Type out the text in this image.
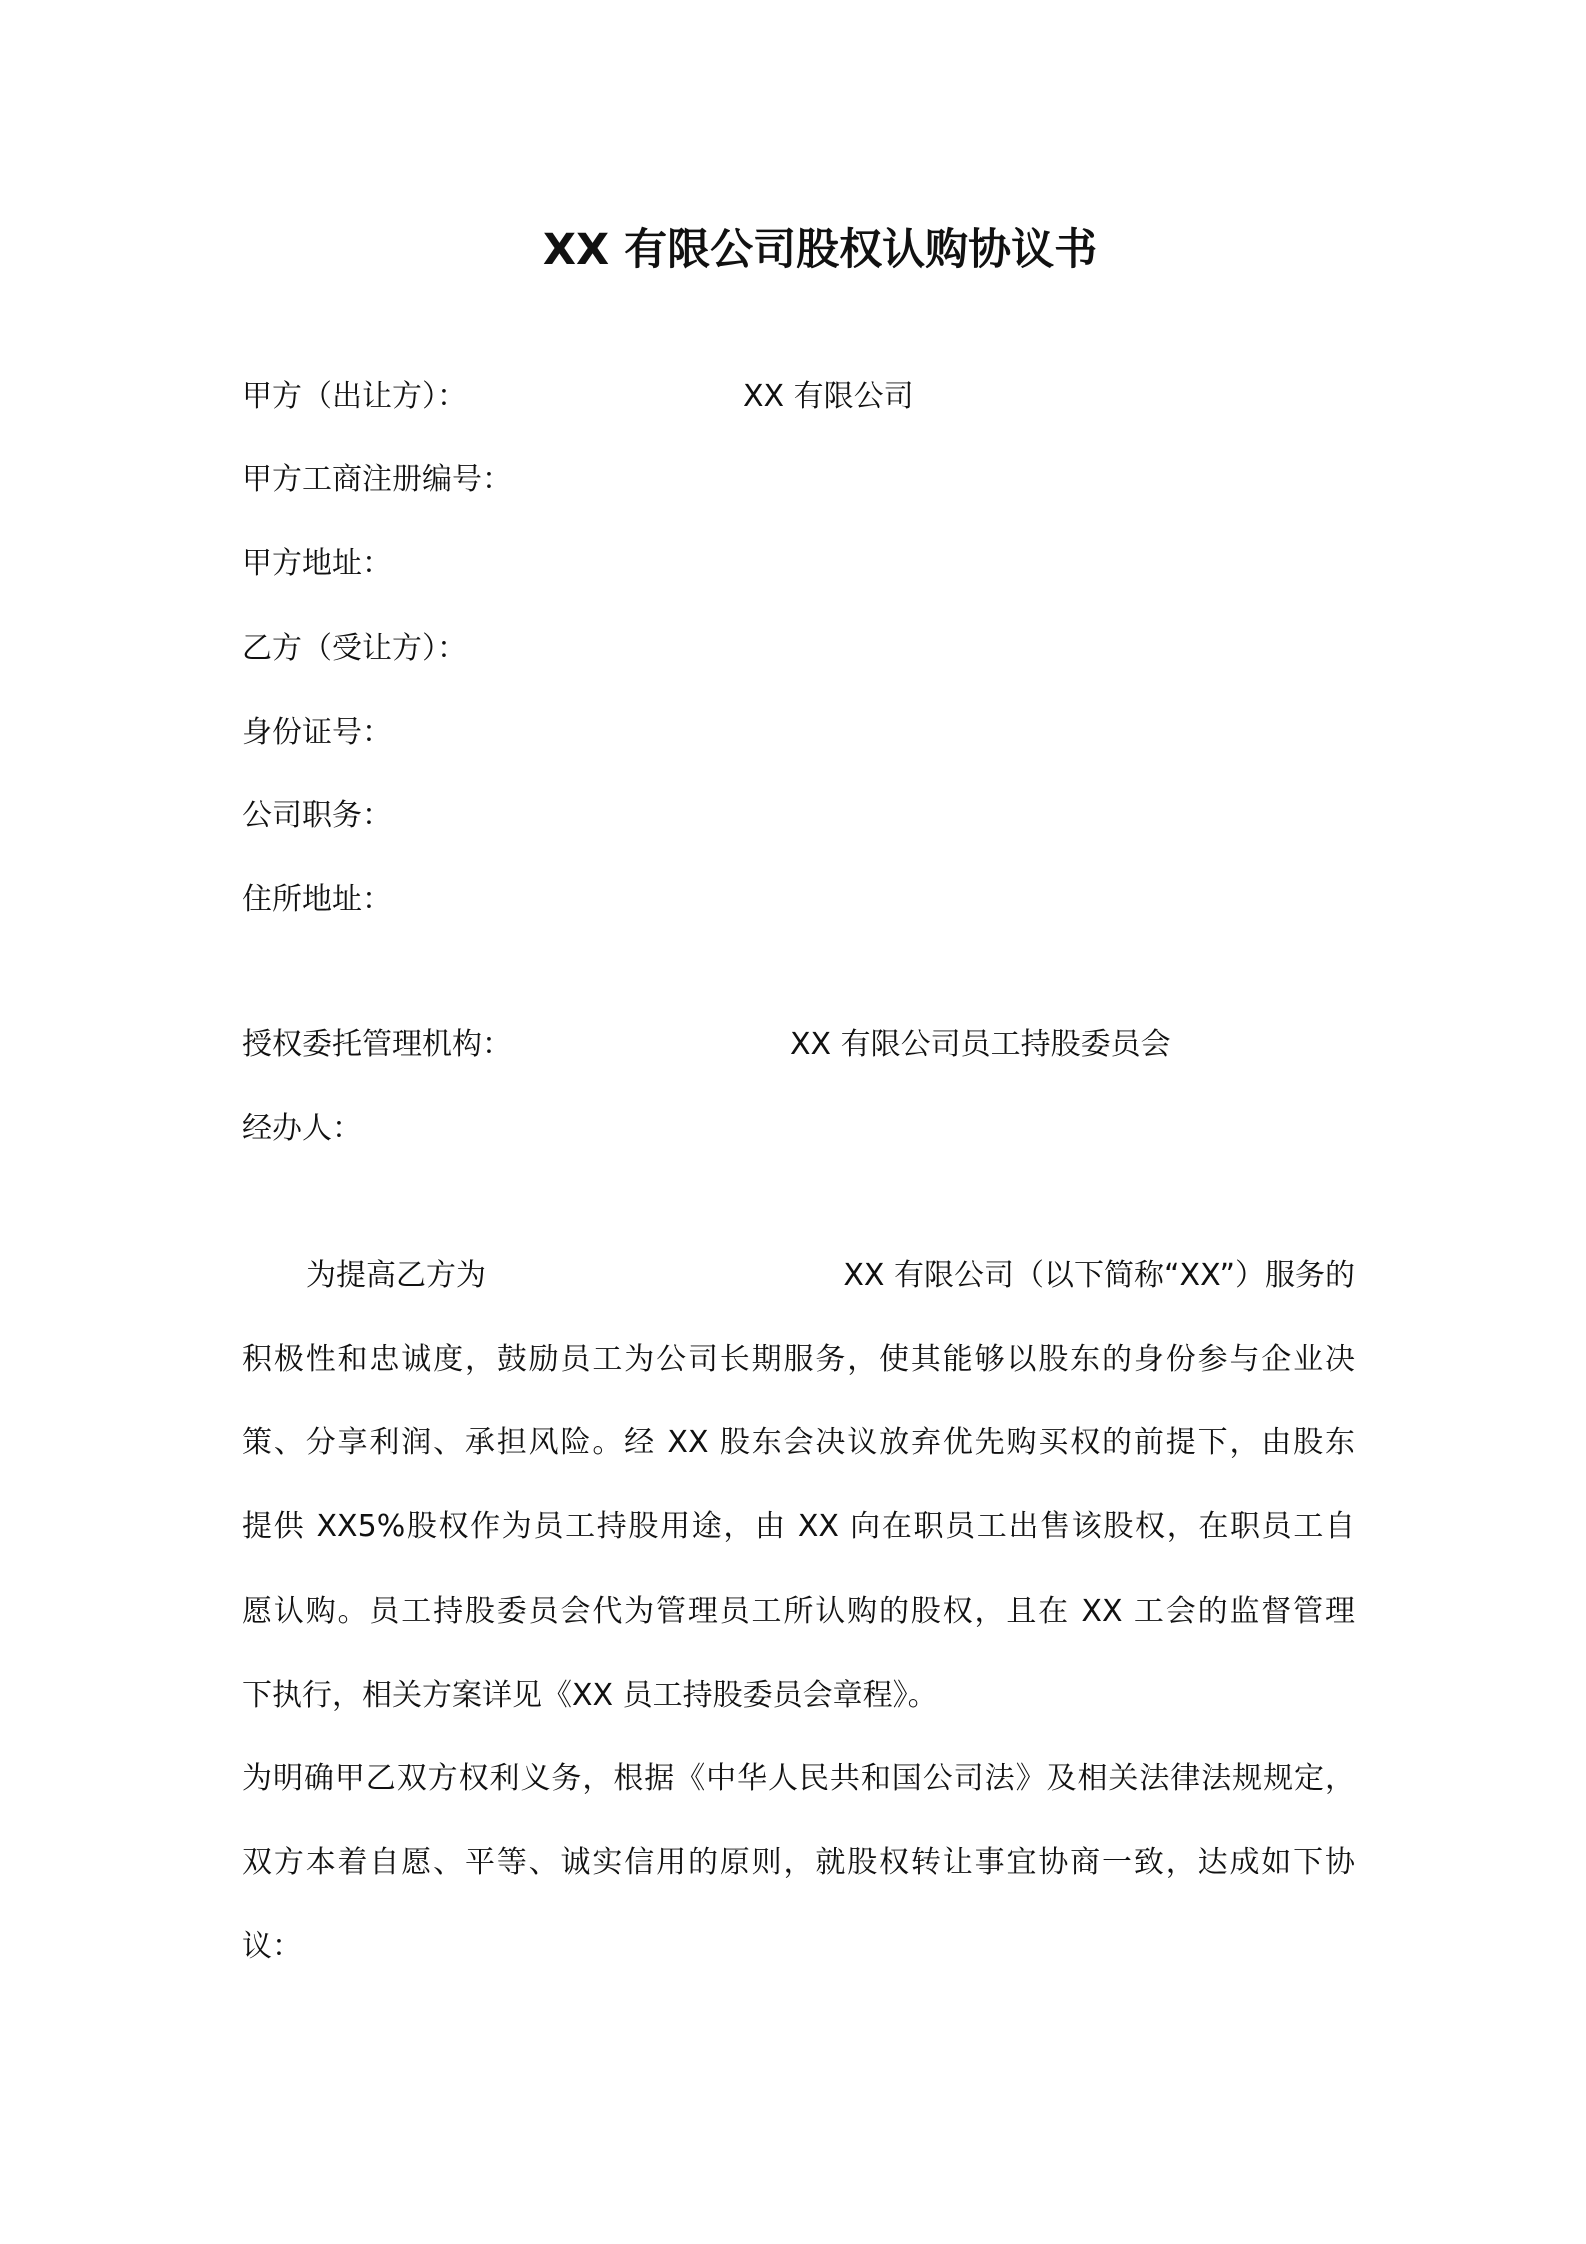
XX 有限公司股权认购协议书
甲方（出让方）：	XX 有限公司
甲方工商注册编号：
甲方地址：
乙方（受让方）：
身份证号：
公司职务：
住所地址：
授权委托管理机构：	XX 有限公司员工持股委员会
经办人：
为提高乙方为	XX 有限公司（以下简称“XX”）服务的
积极性和忠诚度，鼓励员工为公司长期服务，使其能够以股东的身份参与企业决
策、分享利润、承担风险。经 XX 股东会决议放弃优先购买权的前提下，由股东
提供 XX5%股权作为员工持股用途，由 XX 向在职员工出售该股权，在职员工自
愿认购。员工持股委员会代为管理员工所认购的股权，且在 XX 工会的监督管理
下执行，相关方案详见《XX 员工持股委员会章程》。
为明确甲乙双方权利义务，根据《中华人民共和国公司法》及相关法律法规规定，
双方本着自愿、平等、诚实信用的原则，就股权转让事宜协商一致，达成如下协
议：
